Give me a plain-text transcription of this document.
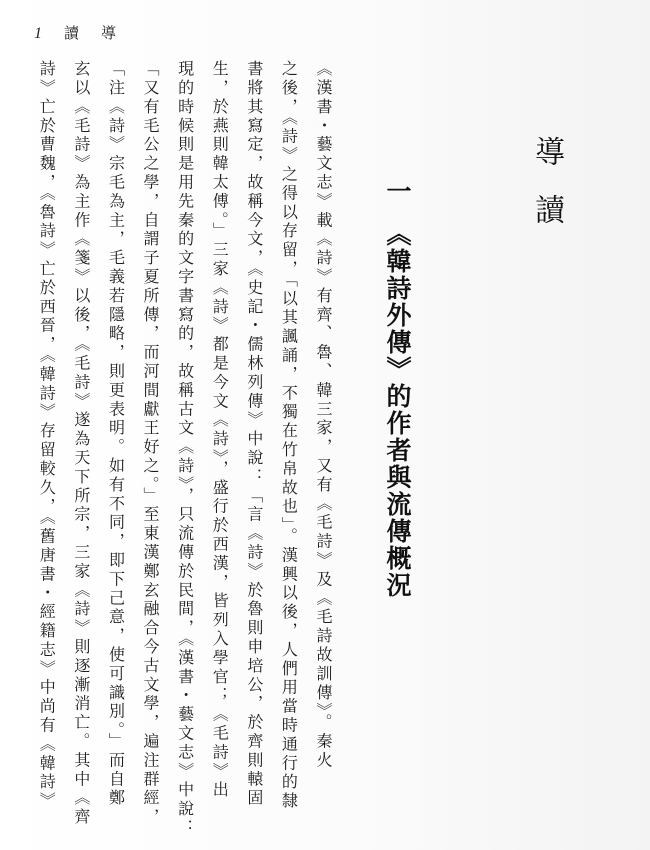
1 讀 導
導讀
一《韓詩外傳》的作者與流傳概況
《漢書・藝文志》載《詩》有齊、魯、韓三家，又有《毛詩》及《毛詩故訓傳》。秦火
之後，《詩》之得以存留，「以其諷誦，不獨在竹帛故也」。漢興以後，人們用當時通行的隸
書將其寫定，故稱今文，《史記・儒林列傳》中說：「言《詩》於魯則申培公，於齊則轅固
生，於燕則韓太傅。」三家《詩》都是今文《詩》，盛行於西漢，皆列入學官；《毛詩》出
現的時候則是用先秦的文字書寫的，故稱古文《詩》，只流傳於民間，《漢書・藝文志》中說：
「又有毛公之學，自謂子夏所傳，而河間獻王好之。」至東漢鄭玄融合今古文學，遍注群經，
「注《詩》宗毛為主，毛義若隱略，則更表明。如有不同，即下己意，使可識別。」而自鄭
玄以《毛詩》為主作《箋》以後，《毛詩》遂為天下所宗，三家《詩》則逐漸消亡。其中《齊
詩》亡於曹魏，《魯詩》亡於西晉，《韓詩》存留較久，《舊唐書・經籍志》中尚有《韓詩》
